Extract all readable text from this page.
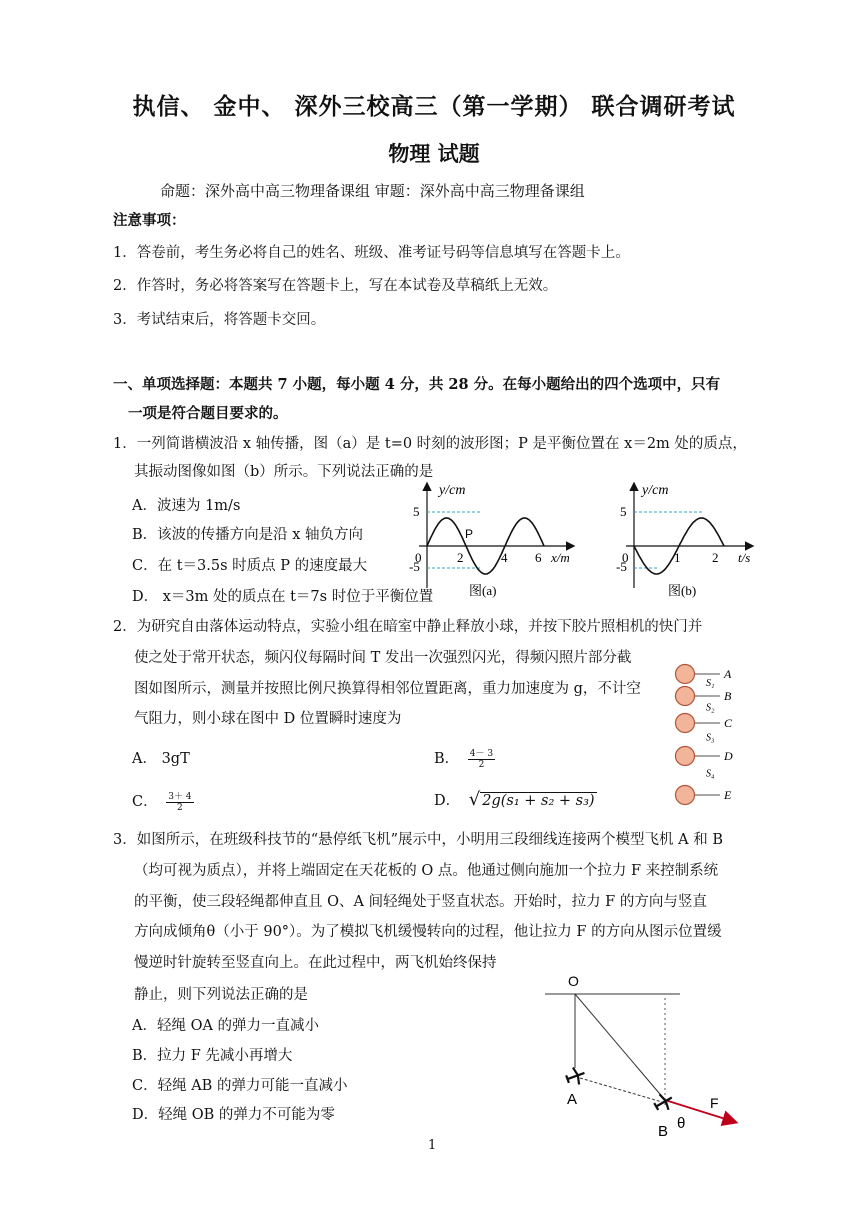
执信、 金中、 深外三校高三（第一学期） 联合调研考试
物理 试题
命题：深外高中高三物理备课组 审题：深外高中高三物理备课组
注意事项：
1．答卷前，考生务必将自己的姓名、班级、准考证号码等信息填写在答题卡上。
2．作答时，务必将答案写在答题卡上，写在本试卷及草稿纸上无效。
3．考试结束后，将答题卡交回。
一、单项选择题：本题共 7 小题，每小题 4 分，共 28 分。在每小题给出的四个选项中，只有
一项是符合题目要求的。
1．一列简谐横波沿 x 轴传播，图（a）是 t=0 时刻的波形图；P 是平衡位置在 x＝2m 处的质点，
其振动图像如图（b）所示。下列说法正确的是
A．波速为 1m/s
B．该波的传播方向是沿 x 轴负方向
C．在 t＝3.5s 时质点 P 的速度最大
D． x＝3m 处的质点在 t＝7s 时位于平衡位置
y/cm
5
-5
0	2	4 6 x/m
P
图(a)
y/cm
5
-5
0	1 2 t/s
图(b)
2．为研究自由落体运动特点，实验小组在暗室中静止释放小球，并按下胶片照相机的快门并
使之处于常开状态，频闪仪每隔时间 T 发出一次强烈闪光，得频闪照片部分截
图如图所示，测量并按照比例尺换算得相邻位置距离，重力加速度为 g，不计空
气阻力，则小球在图中 D 位置瞬时速度为
A． 3gT	B． $\frac{4- 3}{2}$
C． $\frac{3+ 4}{2}$	D． √ 2g(s₁ + s₂ + s₃)
A
S₁
B
S₂
C
S₃
D
S₄
E
3．如图所示，在班级科技节的“悬停纸飞机”展示中，小明用三段细线连接两个模型飞机 A 和 B
（均可视为质点），并将上端固定在天花板的 O 点。他通过侧向施加一个拉力 F 来控制系统
的平衡，使三段轻绳都伸直且 O、A 间轻绳处于竖直状态。开始时，拉力 F 的方向与竖直
方向成倾角θ（小于 90°）。为了模拟飞机缓慢转向的过程，他让拉力 F 的方向从图示位置缓
慢逆时针旋转至竖直向上。在此过程中，两飞机始终保持
静止，则下列说法正确的是
A．轻绳 OA 的弹力一直减小
B．拉力 F 先减小再增大
C．轻绳 AB 的弹力可能一直减小
D．轻绳 OB 的弹力不可能为零
O
A
B
F
θ
1
